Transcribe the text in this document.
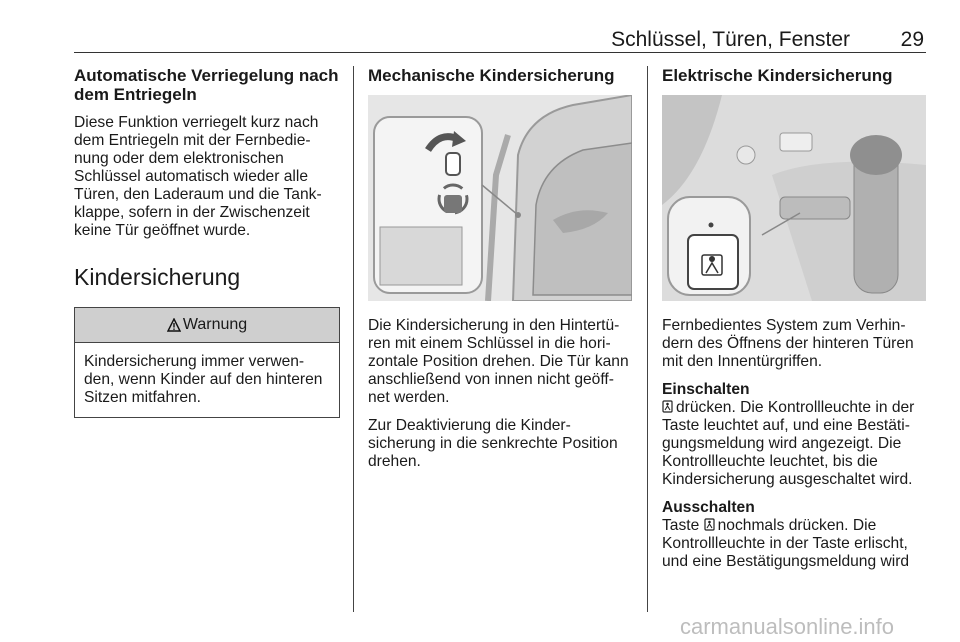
Schlüssel, Türen, Fenster 29
Automatische Verriegelung nach dem Entriegeln
Diese Funktion verriegelt kurz nach dem Entriegeln mit der Fernbedie-nung oder dem elektronischen Schlüssel automatisch wieder alle Türen, den Laderaum und die Tank-klappe, sofern in der Zwischenzeit keine Tür geöffnet wurde.
Kindersicherung
Warnung
Kindersicherung immer verwen-den, wenn Kinder auf den hinteren Sitzen mitfahren.
Mechanische Kindersicherung
Die Kindersicherung in den Hintertü-ren mit einem Schlüssel in die hori-zontale Position drehen. Die Tür kann anschließend von innen nicht geöff-net werden.
Zur Deaktivierung die Kinder-sicherung in die senkrechte Position drehen.
Elektrische Kindersicherung
Fernbedientes System zum Verhin-dern des Öffnens der hinteren Türen mit den Innentürgriffen.
Einschalten
drücken. Die Kontrollleuchte in der Taste leuchtet auf, und eine Bestäti-gungsmeldung wird angezeigt. Die Kontrollleuchte leuchtet, bis die Kindersicherung ausgeschaltet wird.
Ausschalten
Taste nochmals drücken. Die Kontrollleuchte in der Taste erlischt, und eine Bestätigungsmeldung wird
carmanualsonline.info
